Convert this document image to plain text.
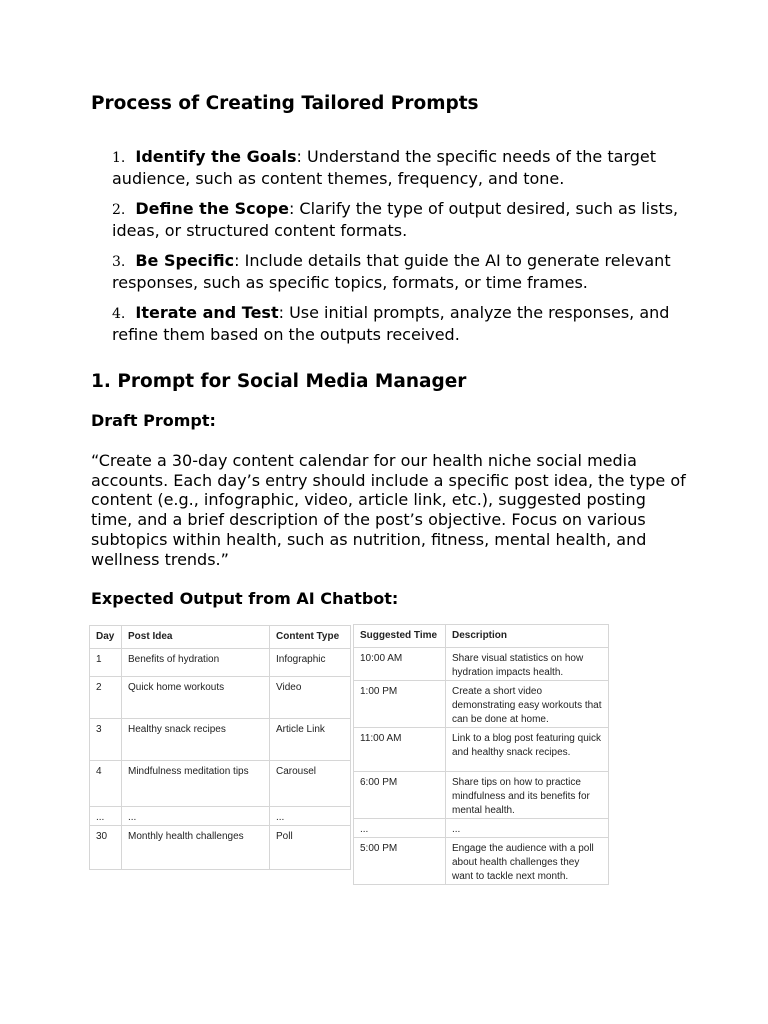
Process of Creating Tailored Prompts
1. Identify the Goals: Understand the specific needs of the target audience, such as content themes, frequency, and tone.
2. Define the Scope: Clarify the type of output desired, such as lists, ideas, or structured content formats.
3. Be Specific: Include details that guide the AI to generate relevant responses, such as specific topics, formats, or time frames.
4. Iterate and Test: Use initial prompts, analyze the responses, and refine them based on the outputs received.
1. Prompt for Social Media Manager

Draft Prompt:

“Create a 30-day content calendar for our health niche social media accounts. Each day’s entry should include a specific post idea, the type of content (e.g., infographic, video, article link, etc.), suggested posting time, and a brief description of the post’s objective. Focus on various subtopics within health, such as nutrition, fitness, mental health, and wellness trends.”

Expected Output from AI Chatbot:

Day	Post Idea	Content Type
1	Benefits of hydration	Infographic
2	Quick home workouts	Video
3	Healthy snack recipes	Article Link
4	Mindfulness meditation tips	Carousel
...	...	...
30	Monthly health challenges	Poll
Suggested Time	Description
10:00 AM	Share visual statistics on how hydration impacts health.
1:00 PM	Create a short video demonstrating easy workouts that can be done at home.
11:00 AM	Link to a blog post featuring quick and healthy snack recipes.
6:00 PM	Share tips on how to practice mindfulness and its benefits for mental health.
...	...
5:00 PM	Engage the audience with a poll about health challenges they want to tackle next month.
